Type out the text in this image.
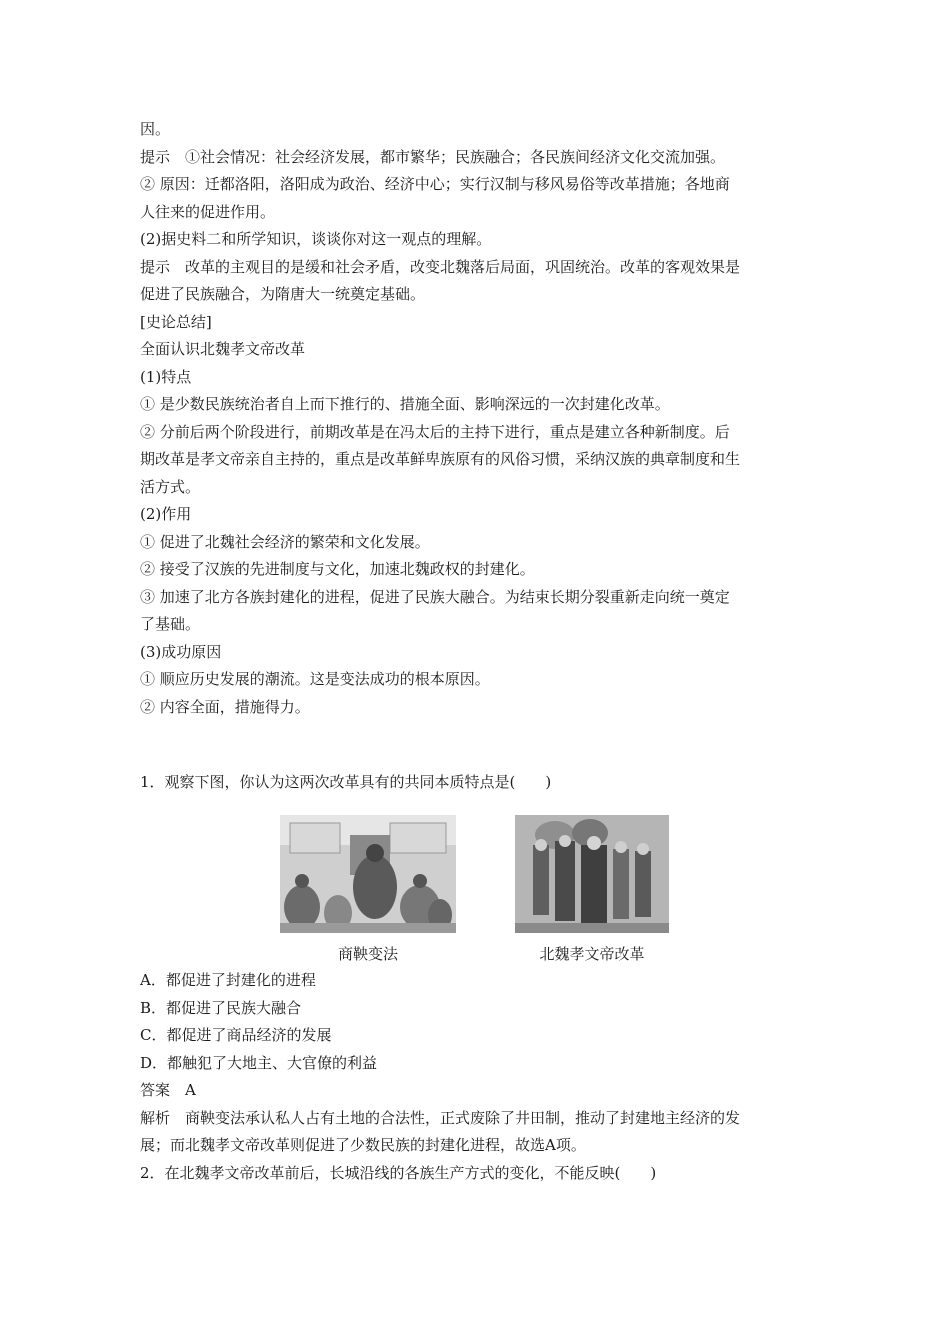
因。
提示　①社会情况：社会经济发展，都市繁华；民族融合；各民族间经济文化交流加强。
② 原因：迁都洛阳，洛阳成为政治、经济中心；实行汉制与移风易俗等改革措施；各地商
人往来的促进作用。
(2)据史料二和所学知识，谈谈你对这一观点的理解。
提示　改革的主观目的是缓和社会矛盾，改变北魏落后局面，巩固统治。改革的客观效果是
促进了民族融合，为隋唐大一统奠定基础。
[史论总结]
全面认识北魏孝文帝改革
(1)特点
① 是少数民族统治者自上而下推行的、措施全面、影响深远的一次封建化改革。
② 分前后两个阶段进行，前期改革是在冯太后的主持下进行，重点是建立各种新制度。后
期改革是孝文帝亲自主持的，重点是改革鲜卑族原有的风俗习惯，采纳汉族的典章制度和生
活方式。
(2)作用
① 促进了北魏社会经济的繁荣和文化发展。
② 接受了汉族的先进制度与文化，加速北魏政权的封建化。
③ 加速了北方各族封建化的进程，促进了民族大融合。为结束长期分裂重新走向统一奠定
了基础。
(3)成功原因
① 顺应历史发展的潮流。这是变法成功的根本原因。
② 内容全面，措施得力。
1．观察下图，你认为这两次改革具有的共同本质特点是(　　)
商鞅变法	北魏孝文帝改革
A．都促进了封建化的进程
B．都促进了民族大融合
C．都促进了商品经济的发展
D．都触犯了大地主、大官僚的利益
答案　A
解析　商鞅变法承认私人占有土地的合法性，正式废除了井田制，推动了封建地主经济的发
展；而北魏孝文帝改革则促进了少数民族的封建化进程，故选A项。
2．在北魏孝文帝改革前后，长城沿线的各族生产方式的变化，不能反映(　　)
